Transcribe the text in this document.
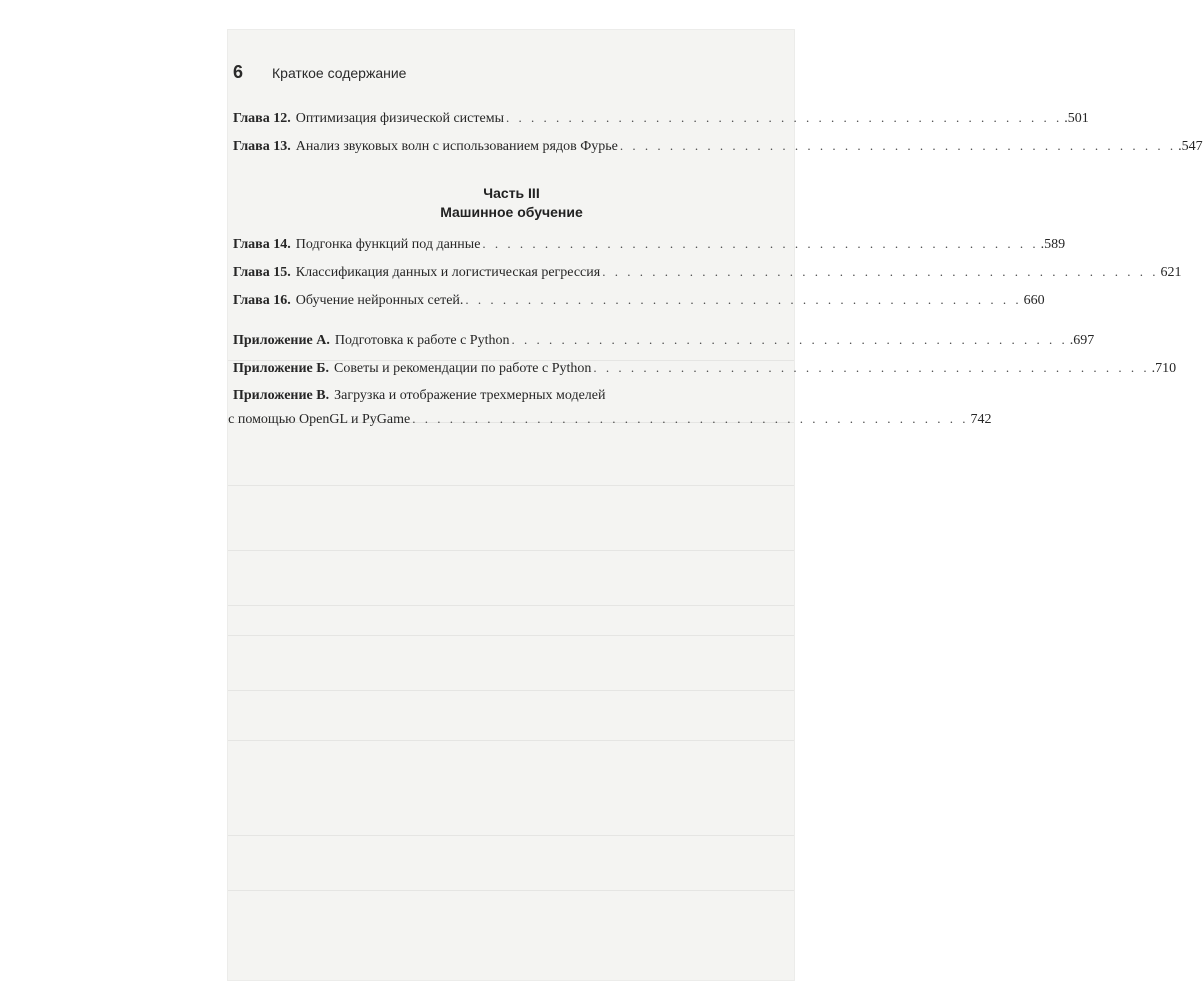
6 Краткое содержание
Глава 12. Оптимизация физической системы . . . . . . . . . . . . . . . . . . . . . . . . . . . . . . . . . . . . . . . . . . . . . .501
Глава 13. Анализ звуковых волн с использованием рядов Фурье . . . . . . . . . . . . . . . . . . . . . . . . . . . . . . . . . . . . . . . . . . . . . .547
Часть III
Машинное обучение
Глава 14. Подгонка функций под данные . . . . . . . . . . . . . . . . . . . . . . . . . . . . . . . . . . . . . . . . . . . . . .589
Глава 15. Классификация данных и логистическая регрессия . . . . . . . . . . . . . . . . . . . . . . . . . . . . . . . . . . . . . . . . . . . . . 621
Глава 16. Обучение нейронных сетей. . . . . . . . . . . . . . . . . . . . . . . . . . . . . . . . . . . . . . . . . . . . . . 660
Приложение А. Подготовка к работе с Python . . . . . . . . . . . . . . . . . . . . . . . . . . . . . . . . . . . . . . . . . . . . . .697
Приложение Б. Советы и рекомендации по работе с Python . . . . . . . . . . . . . . . . . . . . . . . . . . . . . . . . . . . . . . . . . . . . . .710
Приложение В. Загрузка и отображение трехмерных моделей
с помощью OpenGL и PyGame . . . . . . . . . . . . . . . . . . . . . . . . . . . . . . . . . . . . . . . . . . . . . 742
